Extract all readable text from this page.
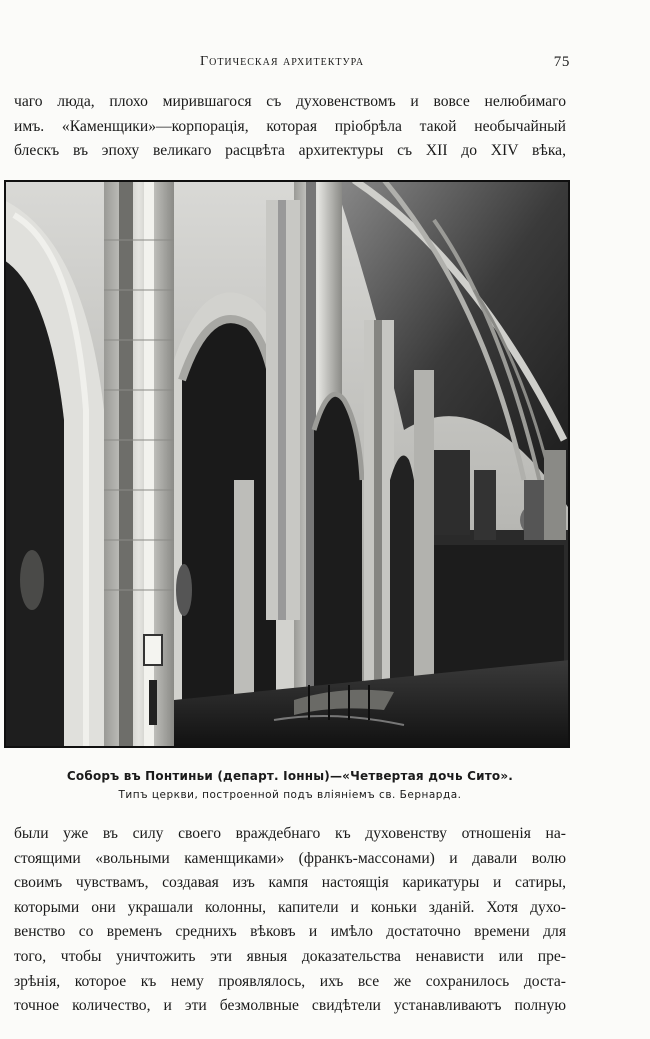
Готическая архитектура	75

чаго люда, плохо мирившагося съ духовенствомъ и вовсе нелюбимаго
имъ. «Каменщики»—корпорація, которая пріобрѣла такой необычайный
блескъ въ эпоху великаго расцвѣта архитектуры съ XII до XIV вѣка,

Соборъ въ Понтиньи (департ. Іонны)—«Четвертая дочь Сито».
Типъ церкви, построенной подъ вліяніемъ св. Бернарда.

были уже въ силу своего враждебнаго къ духовенству отношенія на-
стоящими «вольными каменщиками» (франкъ-массонами) и давали волю
своимъ чувствамъ, создавая изъ кампя настоящія карикатуры и сатиры,
которыми они украшали колонны, капители и коньки зданій. Хотя духо-
венство со временъ среднихъ вѣковъ и имѣло достаточно времени для
того, чтобы уничтожить эти явныя доказательства ненависти или пре-
зрѣнія, которое къ нему проявлялось, ихъ все же сохранилось доста-
точное количество, и эти безмолвные свидѣтели устанавливаютъ полную
